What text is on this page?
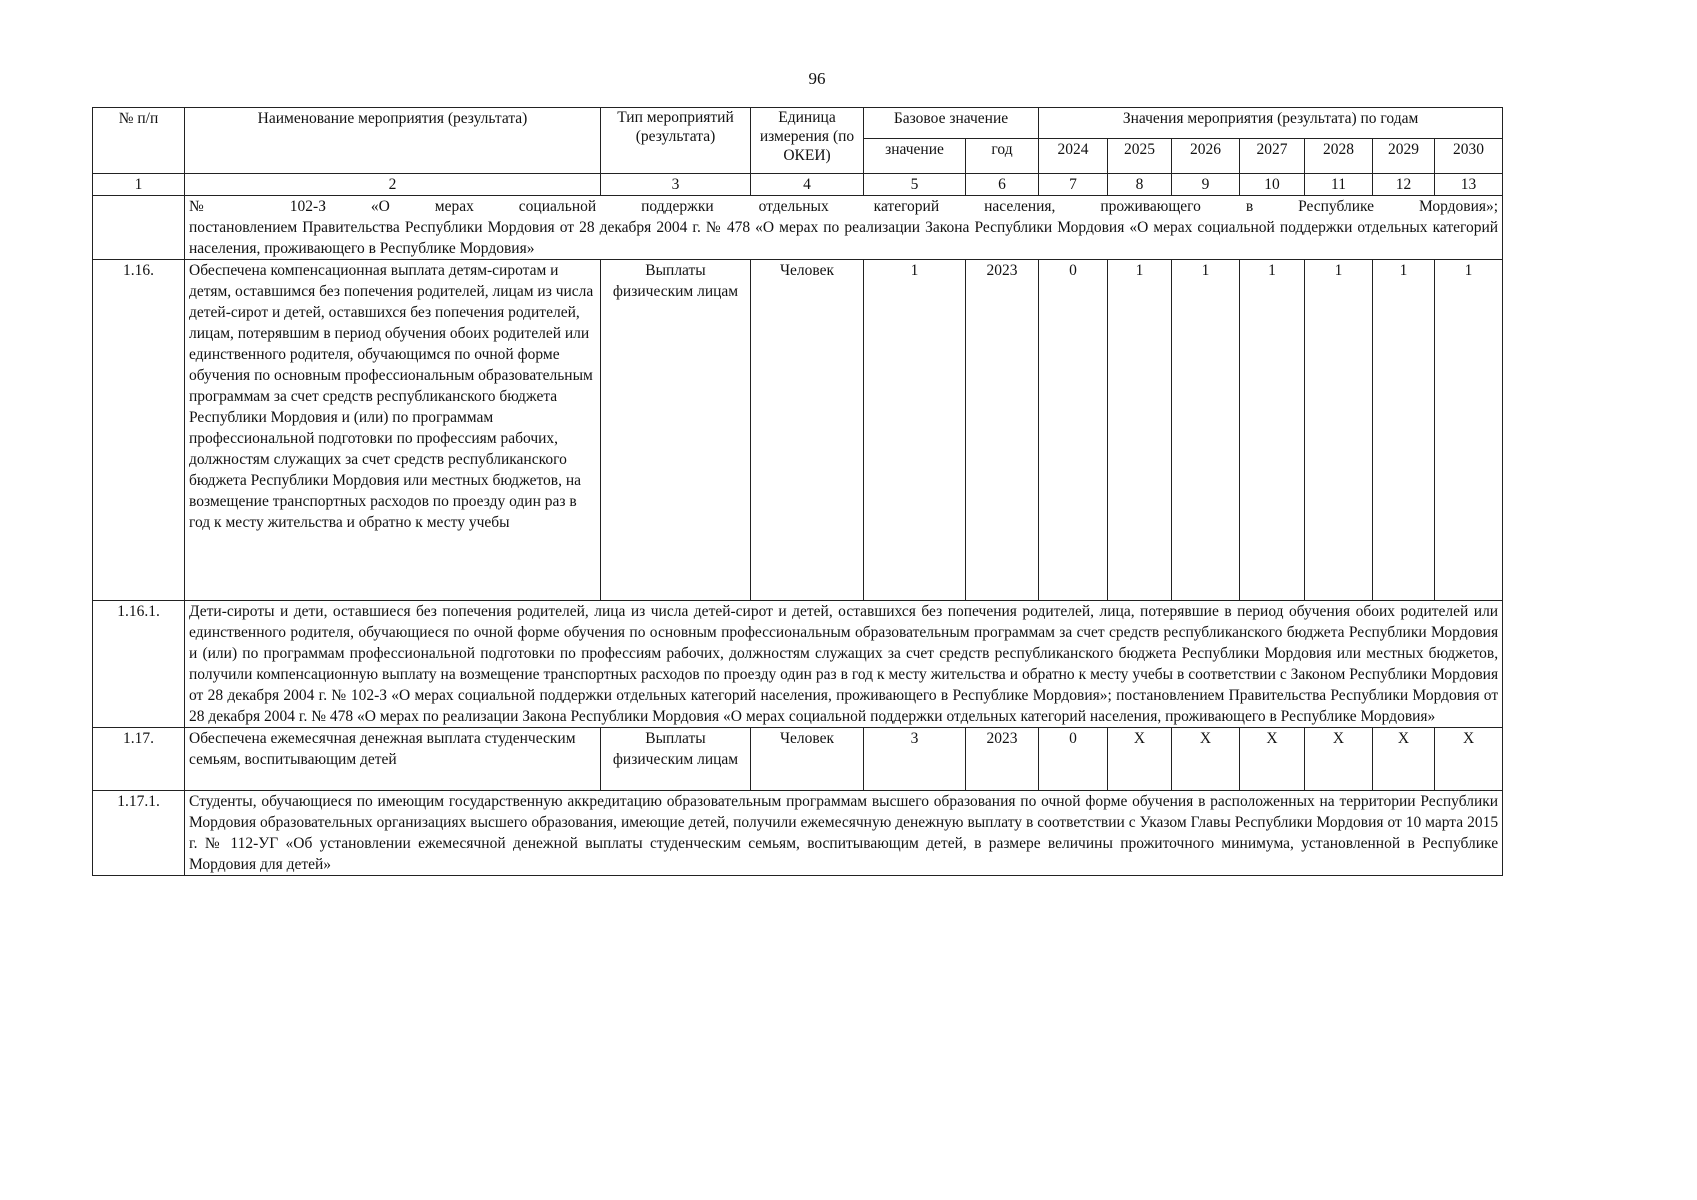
96
№ п/п	Наименование мероприятия (результата)	Тип мероприятий (результата)	Единица измерения (по ОКЕИ)	Базовое значение		Значения мероприятия (результата) по годам						
				значение	год	2024	2025	2026	2027	2028	2029	2030
1	2	3	4	5	6	7	8	9	10	11	12	13

	№ 102-З «О мерах социальной поддержки отдельных категорий населения, проживающего в Республике Мордовия»;
постановлением Правительства Республики Мордовия от 28 декабря 2004 г. № 478 «О мерах по реализации Закона Республики Мордовия «О мерах социальной поддержки отдельных категорий населения, проживающего в Республике Мордовия»											

1.16.	Обеспечена компенсационная выплата детям-сиротам и детям, оставшимся без попечения родителей, лицам из числа детей-сирот и детей, оставшихся без попечения родителей, лицам, потерявшим в период обучения обоих родителей или единственного родителя, обучающимся по очной форме обучения по основным профессиональным образовательным программам за счет средств республиканского бюджета Республики Мордовия и (или) по программам профессиональной подготовки по профессиям рабочих, должностям служащих за счет средств республиканского бюджета Республики Мордовия или местных бюджетов, на возмещение транспортных расходов по проезду один раз в год к месту жительства и обратно к месту учебы	Выплаты физическим лицам	Человек	1	2023	0	1	1	1	1	1	1
1.16.1.	Дети-сироты и дети, оставшиеся без попечения родителей, лица из числа детей-сирот и детей, оставшихся без попечения родителей, лица, потерявшие в период обучения обоих родителей или единственного родителя, обучающиеся по очной форме обучения по основным профессиональным образовательным программам за счет средств республиканского бюджета Республики Мордовия и (или) по программам профессиональной подготовки по профессиям рабочих, должностям служащих за счет средств республиканского бюджета Республики Мордовия или местных бюджетов, получили компенсационную выплату на возмещение транспортных расходов по проезду один раз в год к месту жительства и обратно к месту учебы в соответствии с Законом Республики Мордовия от 28 декабря 2004 г. № 102-З «О мерах социальной поддержки отдельных категорий населения, проживающего в Республике Мордовия»; постановлением Правительства Республики Мордовия от 28 декабря 2004 г. № 478 «О мерах по реализации Закона Республики Мордовия «О мерах социальной поддержки отдельных категорий населения, проживающего в Республике Мордовия»											
1.17.	Обеспечена ежемесячная денежная выплата студенческим семьям, воспитывающим детей	Выплаты физическим лицам	Человек	3	2023	0	X	X	X	X	X	X
1.17.1.	Студенты, обучающиеся по имеющим государственную аккредитацию образовательным программам высшего образования по очной форме обучения в расположенных на территории Республики Мордовия образовательных организациях высшего образования, имеющие детей, получили ежемесячную денежную выплату в соответствии с Указом Главы Республики Мордовия от 10 марта 2015 г. № 112-УГ «Об установлении ежемесячной денежной выплаты студенческим семьям, воспитывающим детей, в размере величины прожиточного минимума, установленной в Республике Мордовия для детей»											
